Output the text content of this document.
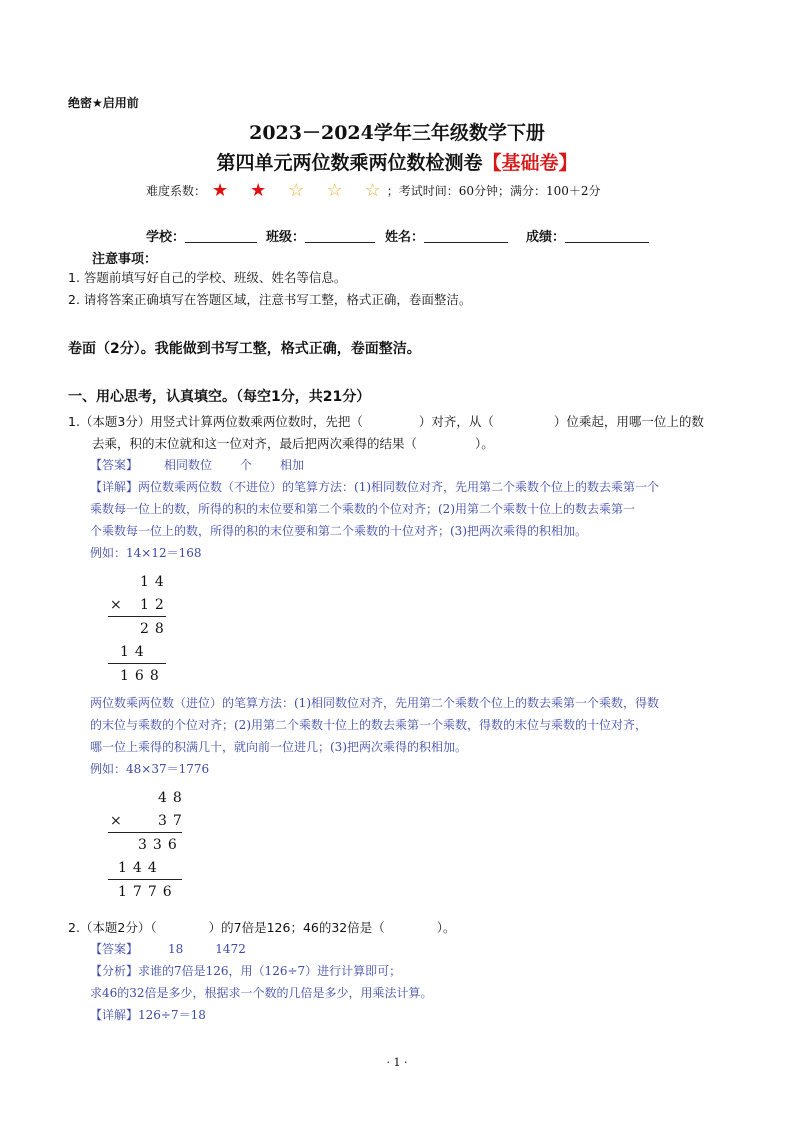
绝密★启用前
2023－2024学年三年级数学下册
第四单元两位数乘两位数检测卷【基础卷】
难度系数： ★ ★ ☆ ☆ ☆ ；考试时间：60分钟；满分：100＋2分
学校：	班级：	姓名：	成绩：
注意事项：
1. 答题前填写好自己的学校、班级、姓名等信息。
2. 请将答案正确填写在答题区域，注意书写工整，格式正确，卷面整洁。
卷面（2分）。我能做到书写工整，格式正确，卷面整洁。
一、用心思考，认真填空。（每空1分，共21分）
1.（本题3分）用竖式计算两位数乘两位数时，先把（	）对齐，从（	）位乘起，用哪一位上的数
去乘，积的末位就和这一位对齐，最后把两次乘得的结果（	）。
【答案】 相同数位 个 相加
【详解】两位数乘两位数（不进位）的笔算方法：(1)相同数位对齐，先用第二个乘数个位上的数去乘第一个
乘数每一位上的数，所得的积的末位要和第二个乘数的个位对齐；(2)用第二个乘数十位上的数去乘第一
个乘数每一位上的数，所得的积的末位要和第二个乘数的十位对齐；(3)把两次乘得的积相加。
例如：14×12＝168
14
× 12
28
14
168
两位数乘两位数（进位）的笔算方法：(1)相同数位对齐，先用第二个乘数个位上的数去乘第一个乘数，得数
的末位与乘数的个位对齐；(2)用第二个乘数十位上的数去乘第一个乘数，得数的末位与乘数的十位对齐，
哪一位上乘得的积满几十，就向前一位进几；(3)把两次乘得的积相加。
例如：48×37＝1776
48
× 37
336
144
1776
2.（本题2分）（	）的7倍是126；46的32倍是（	）。
【答案】	18	1472
【分析】求谁的7倍是126，用（126÷7）进行计算即可；
求46的32倍是多少，根据求一个数的几倍是多少，用乘法计算。
【详解】126÷7＝18
· 1 ·
